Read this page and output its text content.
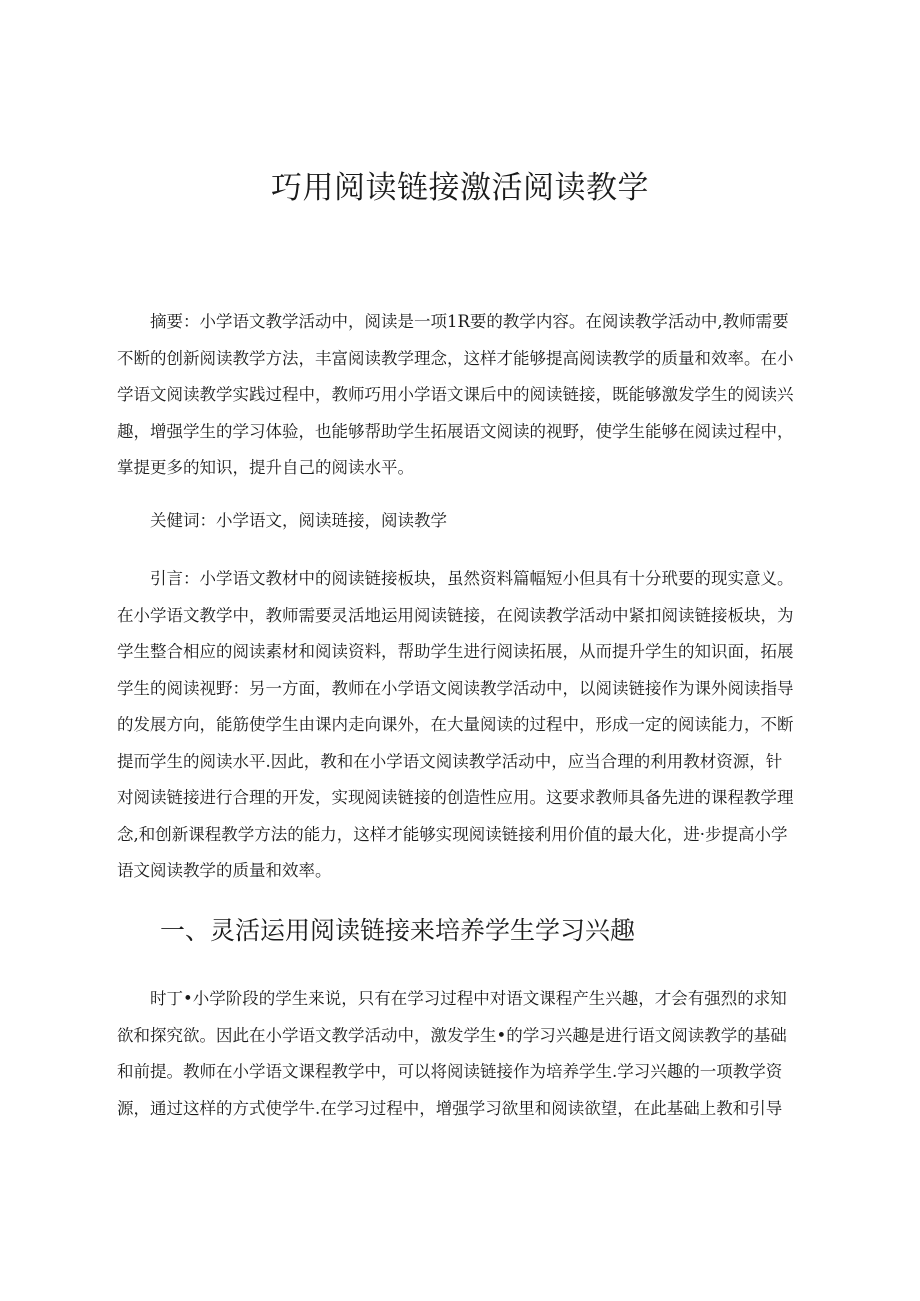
巧用阅读链接激活阅读教学
摘要：小学语文教学活动中，阅读是一项1R要的教学内容。在阅读教学活动中,教师需要
不断的创新阅读教学方法，丰富阅读教学理念，这样才能够提高阅读教学的质量和效率。在小
学语文阅读教学实践过程中，教师巧用小学语文课后中的阅读链接，既能够激发学生的阅读兴
趣，增强学生的学习体验，也能够帮助学生拓展语文阅读的视野，使学生能够在阅读过程中，
掌提更多的知识，提升自己的阅读水平。
关健词：小学语文，阅读琏接，阅读教学
引言：小学语文教材中的阅读链接板块，虽然资料篇幅短小但具有十分玳要的现实意义。
在小学语文教学中，教师需要灵活地运用阅读链接，在阅读教学活动中紧扣阅读链接板块，为
学生整合相应的阅读素材和阅读资料，帮助学生进行阅读拓展，从而提升学生的知识面，拓展
学生的阅读视野：另一方面，教师在小学语文阅读教学活动中，以阅读链接作为课外阅读指导
的发展方向，能筋使学生由课内走向课外，在大量阅读的过程中，形成一定的阅读能力，不断
提而学生的阅读水平.因此，教和在小学语文阅读教学活动中，应当合理的利用教材资源，针
对阅读链接进行合理的开发，实现阅读链接的创造性应用。这要求教师具备先进的课程教学理
念,和创新课程教学方法的能力，这样才能够实现阅读链接利用价值的最大化，进·步提高小学
语文阅读教学的质量和效率。
一、灵活运用阅读链接来培养学生学习兴趣
时丁•小学阶段的学生来说，只有在学习过程中对语文课程产生兴趣，才会有强烈的求知
欲和探究欲。因此在小学语文教学活动中，激发学生•的学习兴趣是进行语文阅读教学的基础
和前提。教师在小学语文课程教学中，可以将阅读链接作为培养学生.学习兴趣的一项教学资
源，通过这样的方式使学牛.在学习过程中，增强学习欲里和阅读欲望，在此基础上教和引导
